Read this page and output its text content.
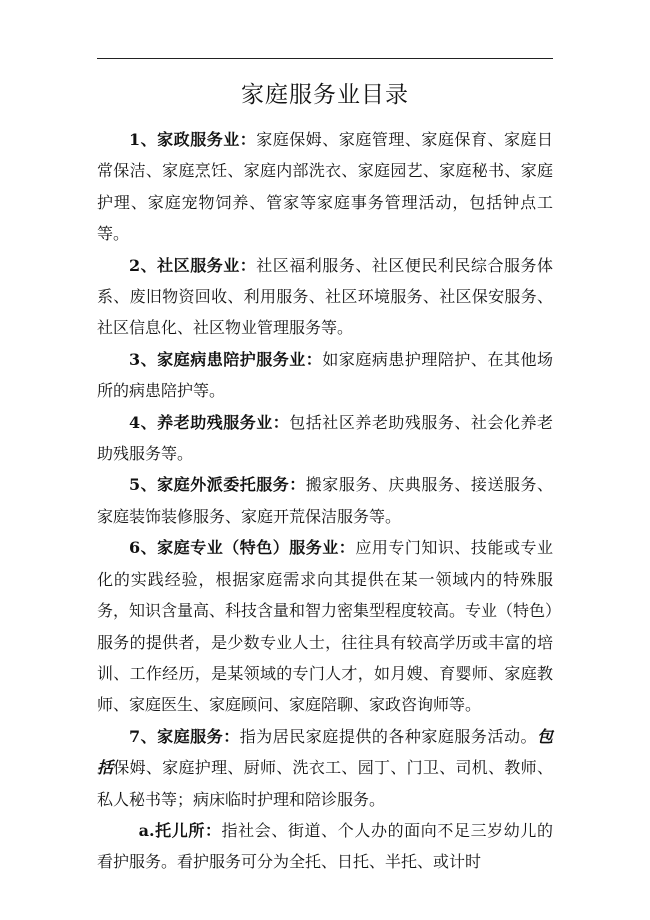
家庭服务业目录

1、家政服务业：家庭保姆、家庭管理、家庭保育、家庭日常保洁、家庭烹饪、家庭内部洗衣、家庭园艺、家庭秘书、家庭护理、家庭宠物饲养、管家等家庭事务管理活动，包括钟点工等。

2、社区服务业：社区福利服务、社区便民利民综合服务体系、废旧物资回收、利用服务、社区环境服务、社区保安服务、社区信息化、社区物业管理服务等。

3、家庭病患陪护服务业：如家庭病患护理陪护、在其他场所的病患陪护等。

4、养老助残服务业：包括社区养老助残服务、社会化养老助残服务等。

5、家庭外派委托服务：搬家服务、庆典服务、接送服务、家庭装饰装修服务、家庭开荒保洁服务等。

6、家庭专业（特色）服务业：应用专门知识、技能或专业化的实践经验，根据家庭需求向其提供在某一领域内的特殊服务，知识含量高、科技含量和智力密集型程度较高。专业（特色）服务的提供者，是少数专业人士，往往具有较高学历或丰富的培训、工作经历，是某领域的专门人才，如月嫂、育婴师、家庭教师、家庭医生、家庭顾问、家庭陪聊、家政咨询师等。

7、家庭服务：指为居民家庭提供的各种家庭服务活动。包括保姆、家庭护理、厨师、洗衣工、园丁、门卫、司机、教师、私人秘书等；病床临时护理和陪诊服务。

a.托儿所：指社会、街道、个人办的面向不足三岁幼儿的看护服务。看护服务可分为全托、日托、半托、或计时
